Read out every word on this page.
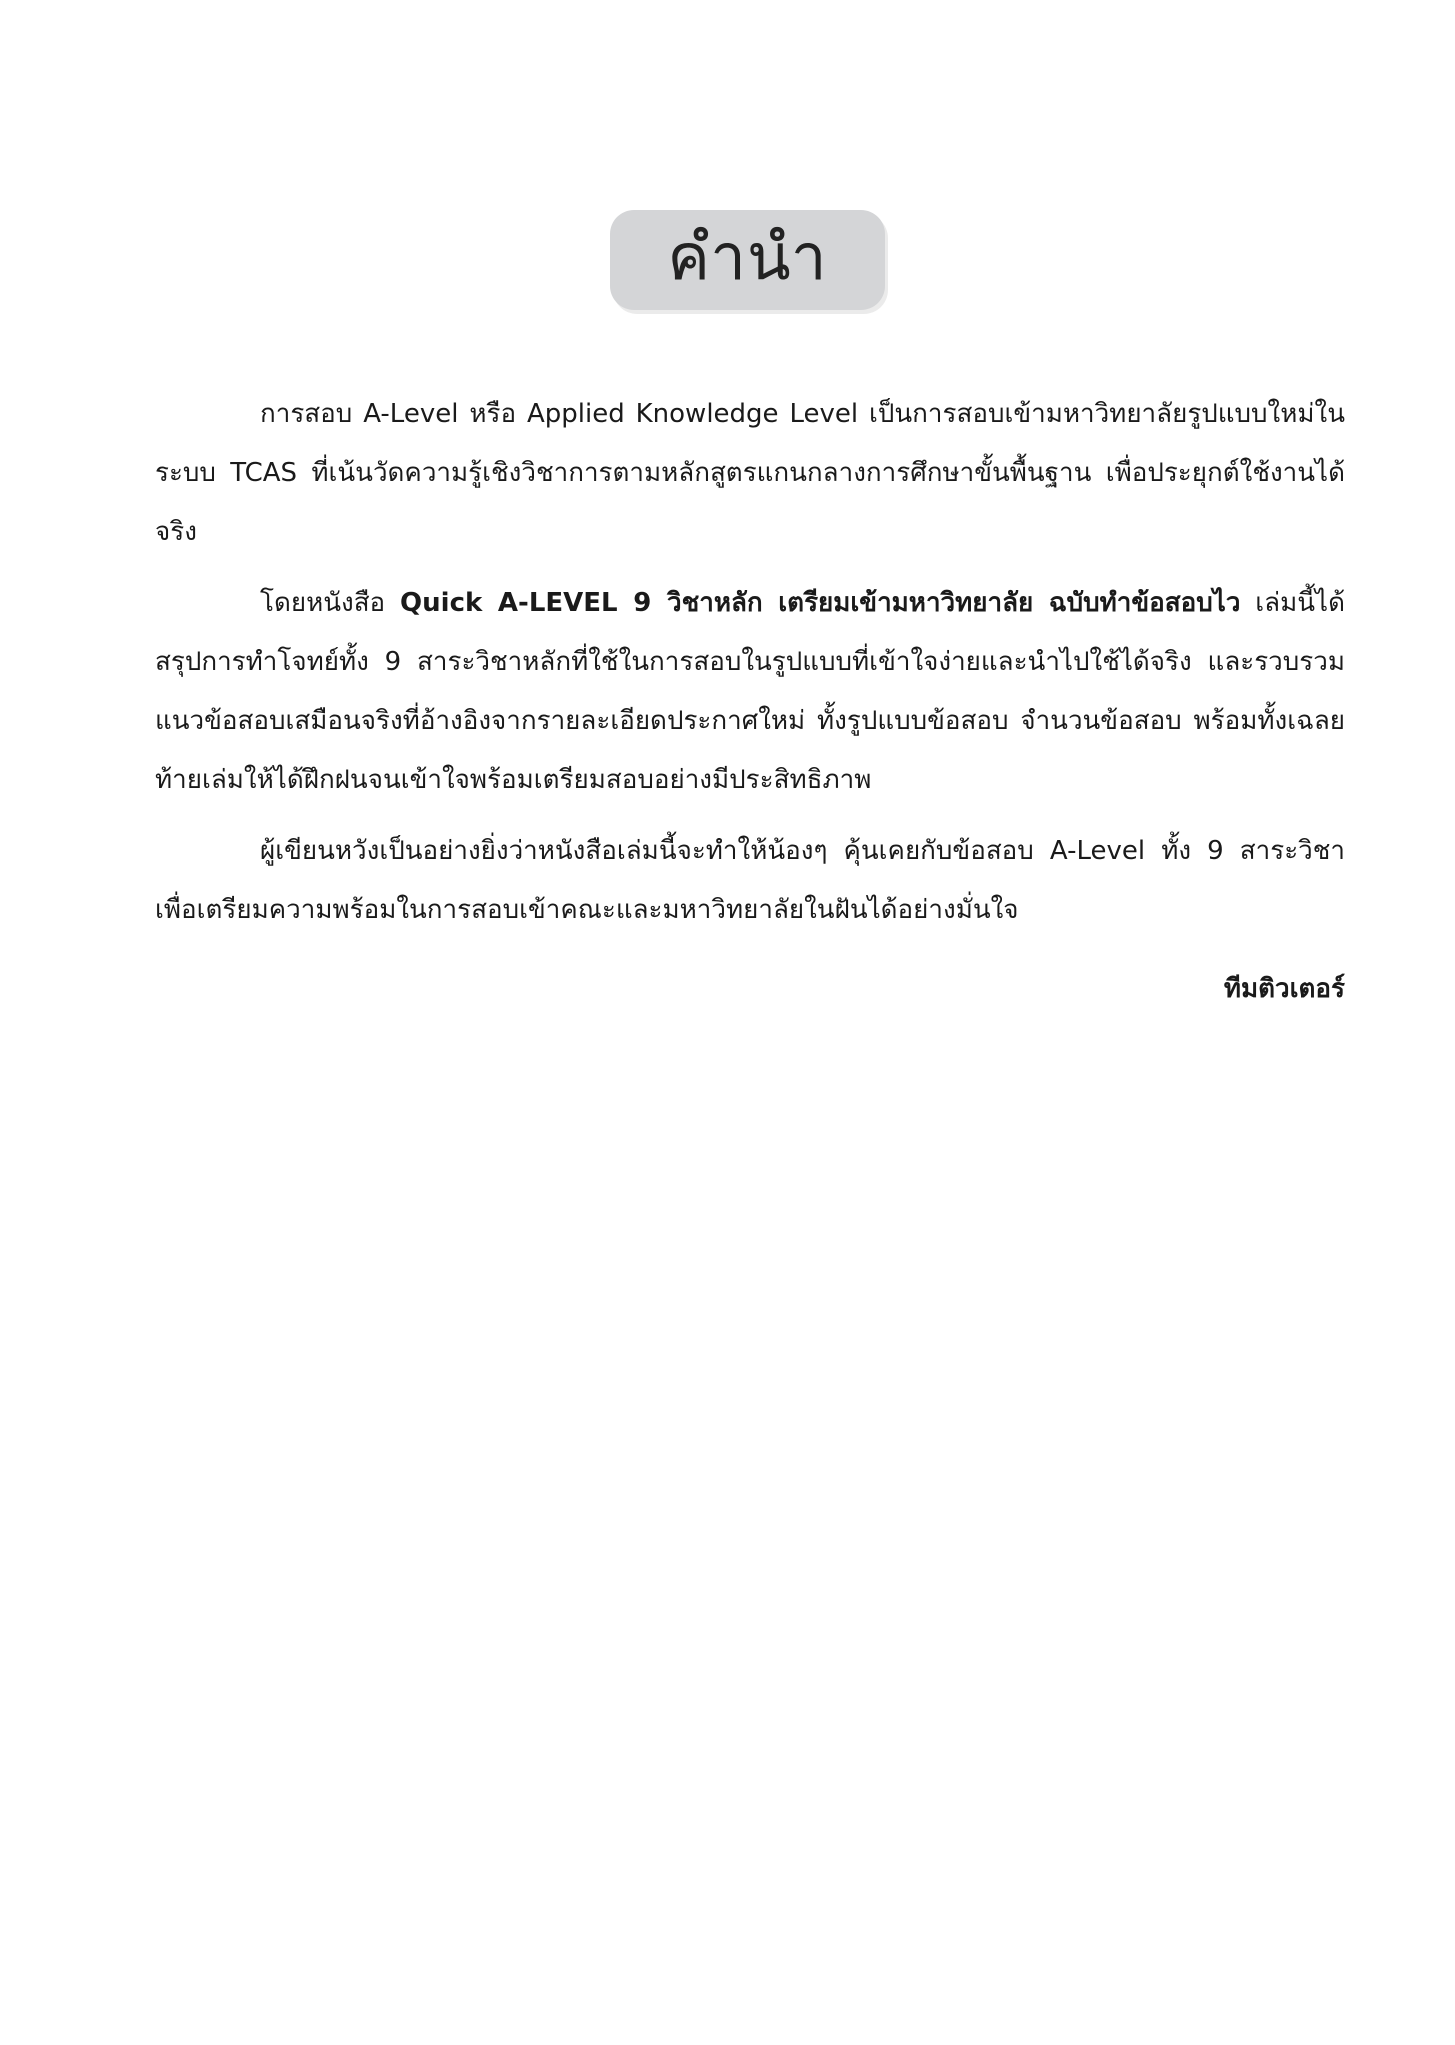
คำนำ

การสอบ A-Level หรือ Applied Knowledge Level เป็นการสอบเข้ามหาวิทยาลัยรูปแบบใหม่ในระบบ TCAS ที่เน้นวัดความรู้เชิงวิชาการตามหลักสูตรแกนกลางการศึกษาขั้นพื้นฐาน เพื่อประยุกต์ใช้งานได้จริง

โดยหนังสือ Quick A-LEVEL 9 วิชาหลัก เตรียมเข้ามหาวิทยาลัย ฉบับทำข้อสอบไว เล่มนี้ได้สรุปการทำโจทย์ทั้ง 9 สาระวิชาหลักที่ใช้ในการสอบในรูปแบบที่เข้าใจง่ายและนำไปใช้ได้จริง และรวบรวมแนวข้อสอบเสมือนจริงที่อ้างอิงจากรายละเอียดประกาศใหม่ ทั้งรูปแบบข้อสอบ จำนวนข้อสอบ พร้อมทั้งเฉลยท้ายเล่มให้ได้ฝึกฝนจนเข้าใจพร้อมเตรียมสอบอย่างมีประสิทธิภาพ

ผู้เขียนหวังเป็นอย่างยิ่งว่าหนังสือเล่มนี้จะทำให้น้องๆ คุ้นเคยกับข้อสอบ A-Level ทั้ง 9 สาระวิชาเพื่อเตรียมความพร้อมในการสอบเข้าคณะและมหาวิทยาลัยในฝันได้อย่างมั่นใจ

ทีมติวเตอร์
